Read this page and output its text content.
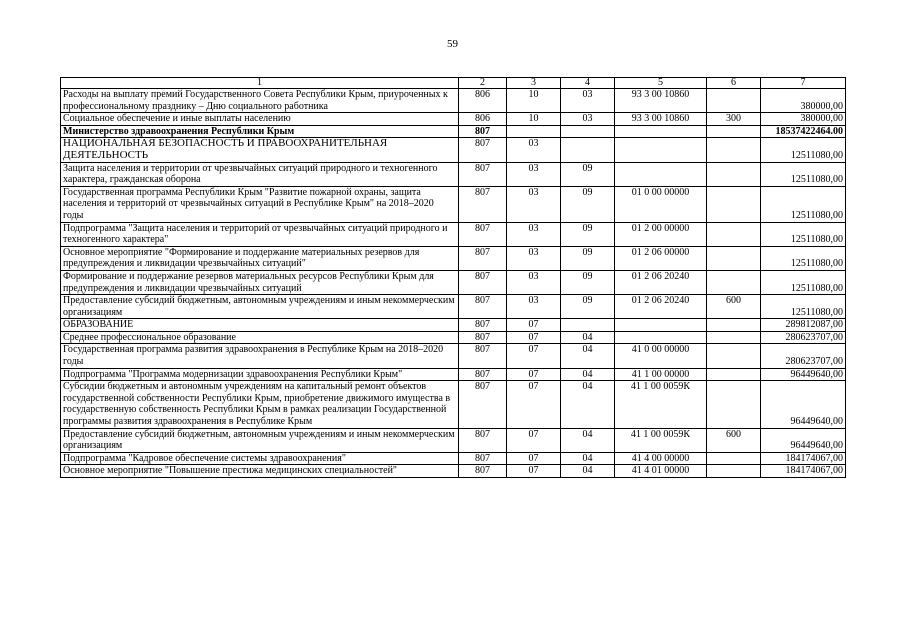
59
1	2	3	4	5	6	7
Расходы на выплату премий Государственного Совета Республики Крым, приуроченных к профессиональному празднику – Дню социального работника	806	10	03	93 3 00 10860		380000,00
Социальное обеспечение и иные выплаты населению	806	10	03	93 3 00 10860	300	380000,00
Министерство здравоохранения Республики Крым	807					18537422464.00
НАЦИОНАЛЬНАЯ БЕЗОПАСНОСТЬ И ПРАВООХРАНИТЕЛЬНАЯ ДЕЯТЕЛЬНОСТЬ	807	03				12511080,00
Защита населения и территории от чрезвычайных ситуаций природного и техногенного характера, гражданская оборона	807	03	09			12511080,00
Государственная программа Республики Крым "Развитие пожарной охраны, защита населения и территорий от чрезвычайных ситуаций в Республике Крым" на 2018–2020 годы	807	03	09	01 0 00 00000		12511080,00
Подпрограмма "Защита населения и территорий от чрезвычайных ситуаций природного и техногенного характера"	807	03	09	01 2 00 00000		12511080,00
Основное мероприятие "Формирование и поддержание материальных резервов для предупреждения и ликвидации чрезвычайных ситуаций"	807	03	09	01 2 06 00000		12511080,00
Формирование и поддержание резервов материальных ресурсов Республики Крым для предупреждения и ликвидации чрезвычайных ситуаций	807	03	09	01 2 06 20240		12511080,00
Предоставление субсидий бюджетным, автономным учреждениям и иным некоммерческим организациям	807	03	09	01 2 06 20240	600	12511080,00
ОБРАЗОВАНИЕ	807	07				289812087,00
Среднее профессиональное образование	807	07	04			280623707,00
Государственная программа развития здравоохранения в Республике Крым на 2018–2020 годы	807	07	04	41 0 00 00000		280623707,00
Подпрограмма "Программа модернизации здравоохранения Республики Крым"	807	07	04	41 1 00 00000		96449640,00
Субсидии бюджетным и автономным учреждениям на капитальный ремонт объектов государственной собственности Республики Крым, приобретение движимого имущества в государственную собственность Республики Крым в рамках реализации Государственной программы развития здравоохранения в Республике Крым	807	07	04	41 1 00 0059К		96449640,00
Предоставление субсидий бюджетным, автономным учреждениям и иным некоммерческим организациям	807	07	04	41 1 00 0059К	600	96449640,00
Подпрограмма "Кадровое обеспечение системы здравоохранения"	807	07	04	41 4 00 00000		184174067,00
Основное мероприятие "Повышение престижа медицинских специальностей"	807	07	04	41 4 01 00000		184174067,00
